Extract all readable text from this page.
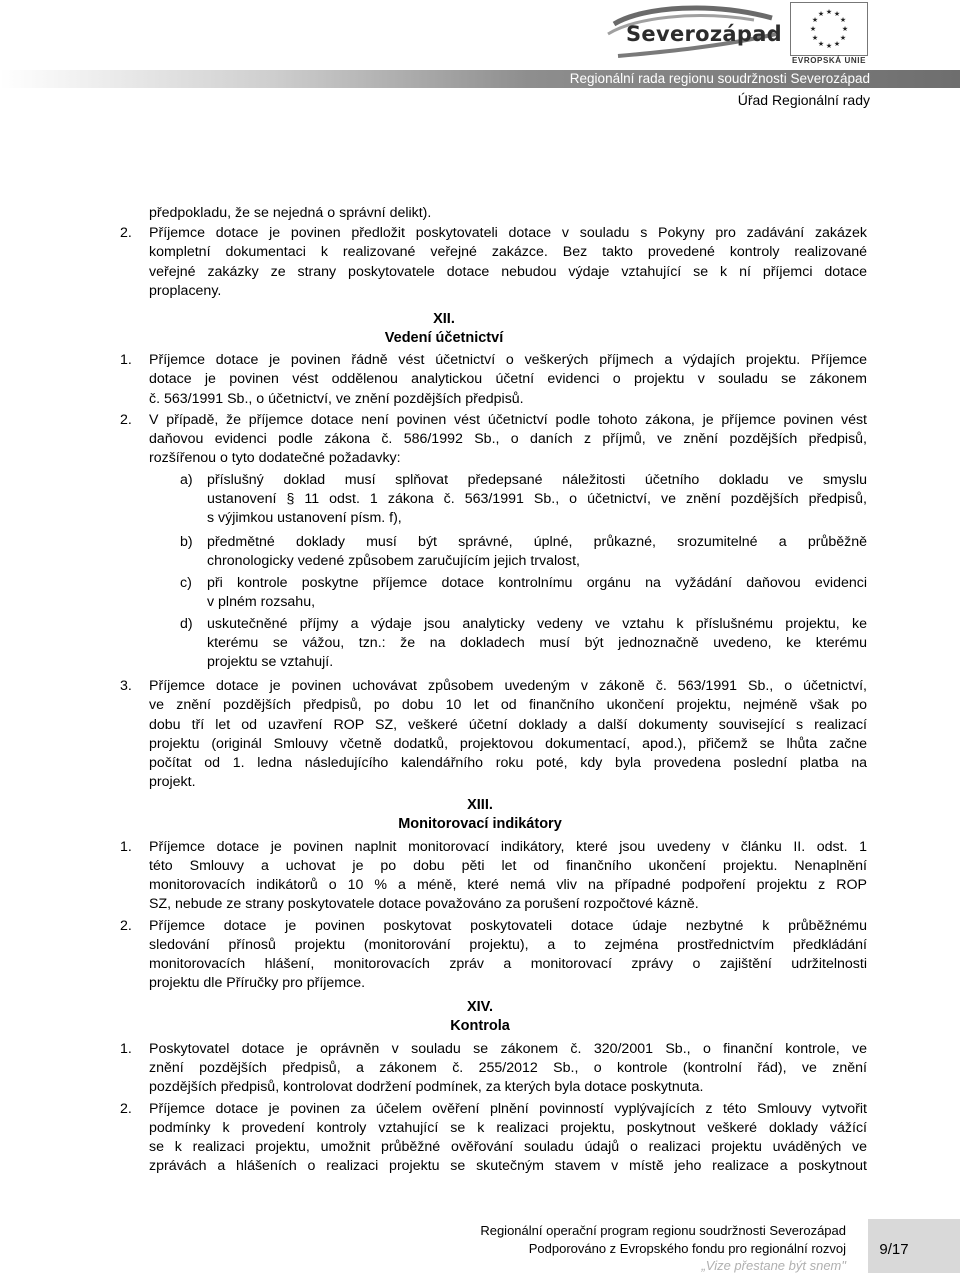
Severozápad
★ ★
★
★
★
★
★
★
★
★
★
★
EVROPSKÁ UNIE
Regionální rada regionu soudržnosti Severozápad
Úřad Regionální rady
předpokladu, že se nejedná o správní delikt).
2. Příjemce dotace je povinen předložit poskytovateli dotace v souladu s Pokyny pro zadávání zakázek
kompletní dokumentaci k realizované veřejné zakázce. Bez takto provedené kontroly realizované
veřejné zakázky ze strany poskytovatele dotace nebudou výdaje vztahující se k ní příjemci dotace
proplaceny.
XII.
Vedení účetnictví
1. Příjemce dotace je povinen řádně vést účetnictví o veškerých příjmech a výdajích projektu. Příjemce
dotace je povinen vést oddělenou analytickou účetní evidenci o projektu v souladu se zákonem
č. 563/1991 Sb., o účetnictví, ve znění pozdějších předpisů.
2. V případě, že příjemce dotace není povinen vést účetnictví podle tohoto zákona, je příjemce povinen vést
daňovou evidenci podle zákona č. 586/1992 Sb., o daních z příjmů, ve znění pozdějších předpisů,
rozšířenou o tyto dodatečné požadavky:
a) příslušný doklad musí splňovat předepsané náležitosti účetního dokladu ve smyslu
ustanovení § 11 odst. 1 zákona č. 563/1991 Sb., o účetnictví, ve znění pozdějších předpisů,
s výjimkou ustanovení písm. f),
b) předmětné doklady musí být správné, úplné, průkazné, srozumitelné a průběžně
chronologicky vedené způsobem zaručujícím jejich trvalost,
c) při kontrole poskytne příjemce dotace kontrolnímu orgánu na vyžádání daňovou evidenci
v plném rozsahu,
d) uskutečněné příjmy a výdaje jsou analyticky vedeny ve vztahu k příslušnému projektu, ke
kterému se vážou, tzn.: že na dokladech musí být jednoznačně uvedeno, ke kterému
projektu se vztahují.
3. Příjemce dotace je povinen uchovávat způsobem uvedeným v zákoně č. 563/1991 Sb., o účetnictví,
ve znění pozdějších předpisů, po dobu 10 let od finančního ukončení projektu, nejméně však po
dobu tří let od uzavření ROP SZ, veškeré účetní doklady a další dokumenty související s realizací
projektu (originál Smlouvy včetně dodatků, projektovou dokumentací, apod.), přičemž se lhůta začne
počítat od 1. ledna následujícího kalendářního roku poté, kdy byla provedena poslední platba na
projekt.
XIII.
Monitorovací indikátory
1. Příjemce dotace je povinen naplnit monitorovací indikátory, které jsou uvedeny v článku II. odst. 1
této Smlouvy a uchovat je po dobu pěti let od finančního ukončení projektu. Nenaplnění
monitorovacích indikátorů o 10 % a méně, které nemá vliv na případné podpoření projektu z ROP
SZ, nebude ze strany poskytovatele dotace považováno za porušení rozpočtové kázně.
2. Příjemce dotace je povinen poskytovat poskytovateli dotace údaje nezbytné k průběžnému
sledování přínosů projektu (monitorování projektu), a to zejména prostřednictvím předkládání
monitorovacích hlášení, monitorovacích zpráv a monitorovací zprávy o zajištění udržitelnosti
projektu dle Příručky pro příjemce.
XIV.
Kontrola
1. Poskytovatel dotace je oprávněn v souladu se zákonem č. 320/2001 Sb., o finanční kontrole, ve
znění pozdějších předpisů, a zákonem č. 255/2012 Sb., o kontrole (kontrolní řád), ve znění
pozdějších předpisů, kontrolovat dodržení podmínek, za kterých byla dotace poskytnuta.
2. Příjemce dotace je povinen za účelem ověření plnění povinností vyplývajících z této Smlouvy vytvořit
podmínky k provedení kontroly vztahující se k realizaci projektu, poskytnout veškeré doklady vážící
se k realizaci projektu, umožnit průběžné ověřování souladu údajů o realizaci projektu uváděných ve
zprávách a hlášeních o realizaci projektu se skutečným stavem v místě jeho realizace a poskytnout
Regionální operační program regionu soudržnosti Severozápad
Podporováno z Evropského fondu pro regionální rozvoj
„Vize přestane být snem"
9/17
